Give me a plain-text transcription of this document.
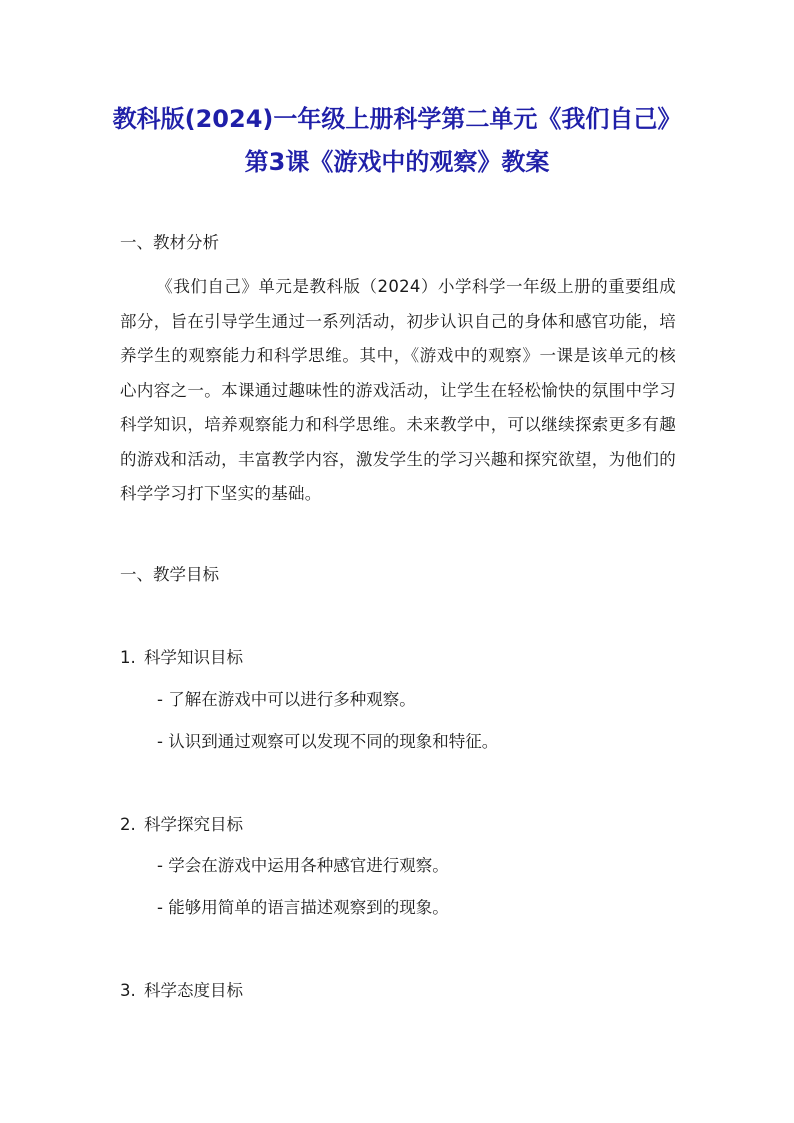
教科版(2024)一年级上册科学第二单元《我们自己》
第3课《游戏中的观察》教案
一、教材分析
《我们自己》单元是教科版（2024）小学科学一年级上册的重要组成部分，旨在引导学生通过一系列活动，初步认识自己的身体和感官功能，培养学生的观察能力和科学思维。其中，《游戏中的观察》一课是该单元的核心内容之一。本课通过趣味性的游戏活动，让学生在轻松愉快的氛围中学习科学知识，培养观察能力和科学思维。未来教学中，可以继续探索更多有趣的游戏和活动，丰富教学内容，激发学生的学习兴趣和探究欲望，为他们的科学学习打下坚实的基础。
一、教学目标
1. 科学知识目标
- 了解在游戏中可以进行多种观察。
- 认识到通过观察可以发现不同的现象和特征。
2. 科学探究目标
- 学会在游戏中运用各种感官进行观察。
- 能够用简单的语言描述观察到的现象。
3. 科学态度目标
